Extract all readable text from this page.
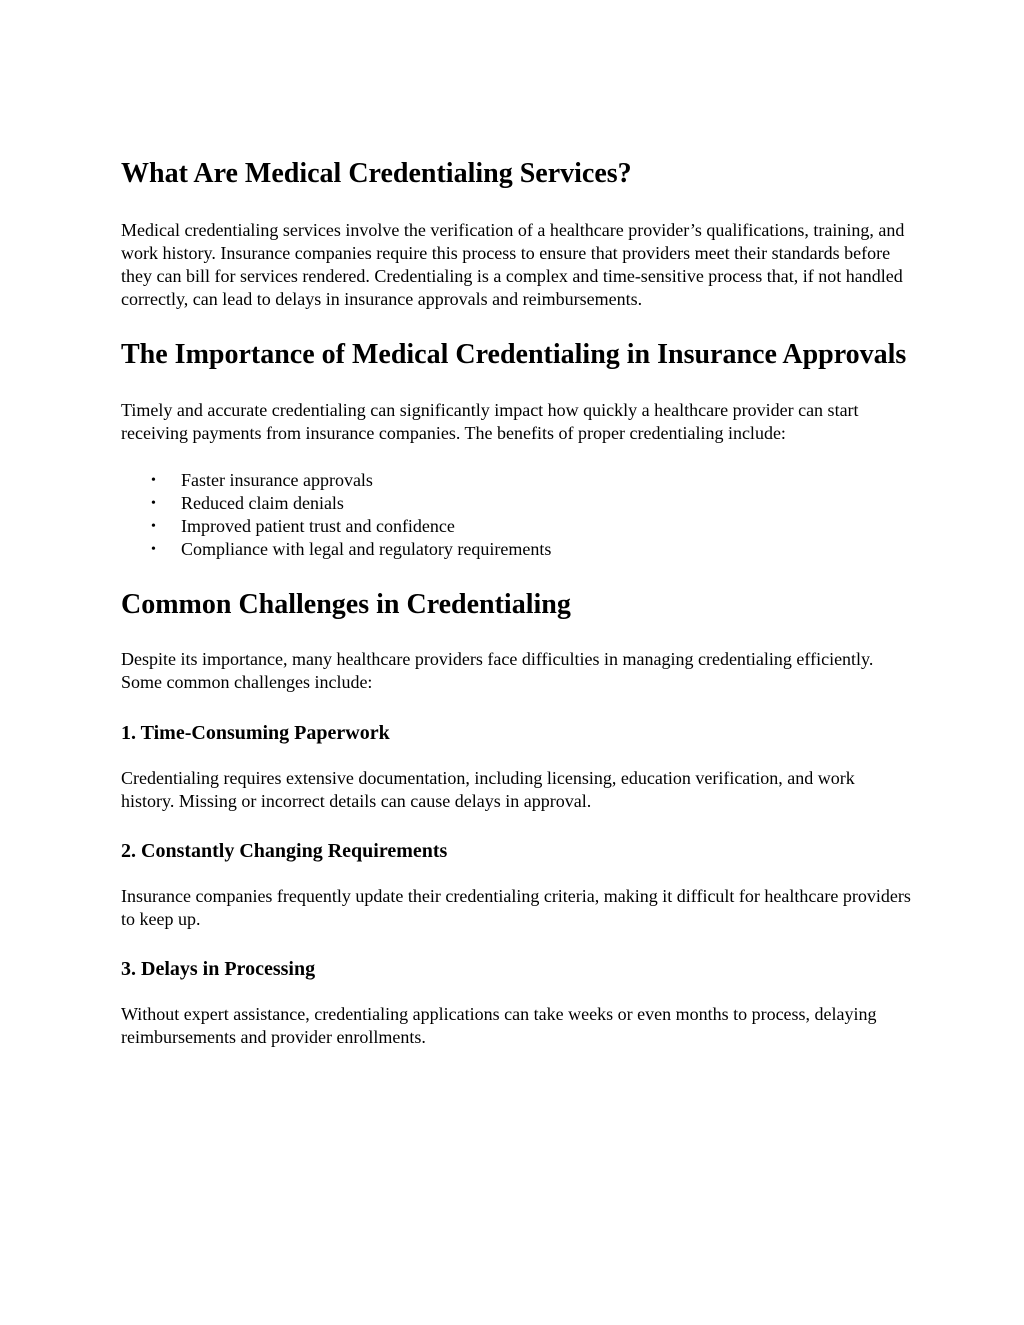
What Are Medical Credentialing Services?

Medical credentialing services involve the verification of a healthcare provider’s qualifications, training, and work history. Insurance companies require this process to ensure that providers meet their standards before they can bill for services rendered. Credentialing is a complex and time-sensitive process that, if not handled correctly, can lead to delays in insurance approvals and reimbursements.

The Importance of Medical Credentialing in Insurance Approvals

Timely and accurate credentialing can significantly impact how quickly a healthcare provider can start receiving payments from insurance companies. The benefits of proper credentialing include:

• Faster insurance approvals
• Reduced claim denials
• Improved patient trust and confidence
• Compliance with legal and regulatory requirements
Common Challenges in Credentialing

Despite its importance, many healthcare providers face difficulties in managing credentialing efficiently. Some common challenges include:

1. Time-Consuming Paperwork

Credentialing requires extensive documentation, including licensing, education verification, and work history. Missing or incorrect details can cause delays in approval.

2. Constantly Changing Requirements

Insurance companies frequently update their credentialing criteria, making it difficult for healthcare providers to keep up.

3. Delays in Processing

Without expert assistance, credentialing applications can take weeks or even months to process, delaying reimbursements and provider enrollments.
